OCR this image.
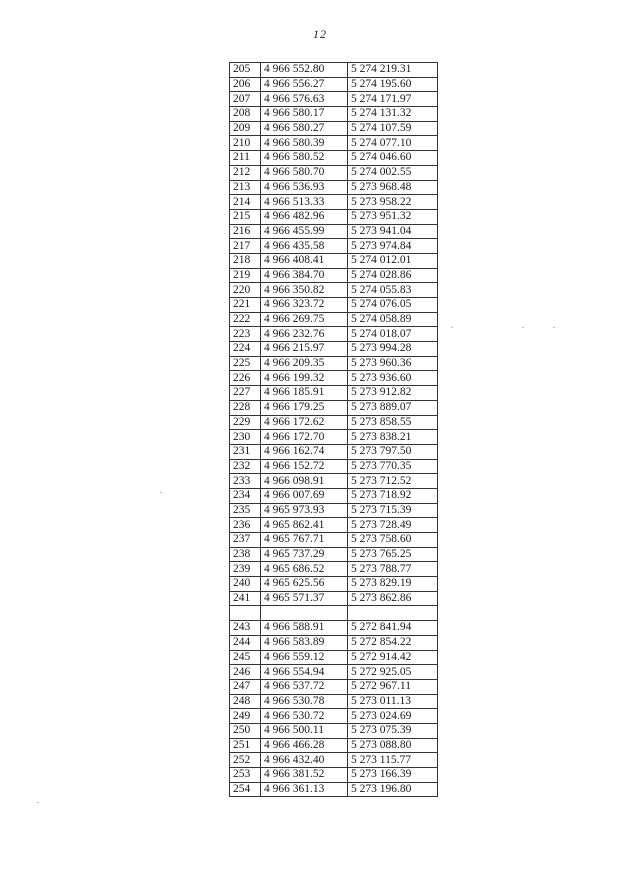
12
205	4 966 552.80	5 274 219.31
206	4 966 556.27	5 274 195.60
207	4 966 576.63	5 274 171.97
208	4 966 580.17	5 274 131.32
209	4 966 580.27	5 274 107.59
210	4 966 580.39	5 274 077.10
211	4 966 580.52	5 274 046.60
212	4 966 580.70	5 274 002.55
213	4 966 536.93	5 273 968.48
214	4 966 513.33	5 273 958.22
215	4 966 482.96	5 273 951.32
216	4 966 455.99	5 273 941.04
217	4 966 435.58	5 273 974.84
218	4 966 408.41	5 274 012.01
219	4 966 384.70	5 274 028.86
220	4 966 350.82	5 274 055.83
221	4 966 323.72	5 274 076.05
222	4 966 269.75	5 274 058.89
223	4 966 232.76	5 274 018.07
224	4 966 215.97	5 273 994.28
225	4 966 209.35	5 273 960.36
226	4 966 199.32	5 273 936.60
227	4 966 185.91	5 273 912.82
228	4 966 179.25	5 273 889.07
229	4 966 172.62	5 273 858.55
230	4 966 172.70	5 273 838.21
231	4 966 162.74	5 273 797.50
232	4 966 152.72	5 273 770.35
233	4 966 098.91	5 273 712.52
234	4 966 007.69	5 273 718.92
235	4 965 973.93	5 273 715.39
236	4 965 862.41	5 273 728.49
237	4 965 767.71	5 273 758.60
238	4 965 737.29	5 273 765.25
239	4 965 686.52	5 273 788.77
240	4 965 625.56	5 273 829.19
241	4 965 571.37	5 273 862.86

243	4 966 588.91	5 272 841.94
244	4 966 583.89	5 272 854.22
245	4 966 559.12	5 272 914.42
246	4 966 554.94	5 272 925.05
247	4 966 537.72	5 272 967.11
248	4 966 530.78	5 273 011.13
249	4 966 530.72	5 273 024.69
250	4 966 500.11	5 273 075.39
251	4 966 466.28	5 273 088.80
252	4 966 432.40	5 273 115.77
253	4 966 381.52	5 273 166.39
254	4 966 361.13	5 273 196.80
